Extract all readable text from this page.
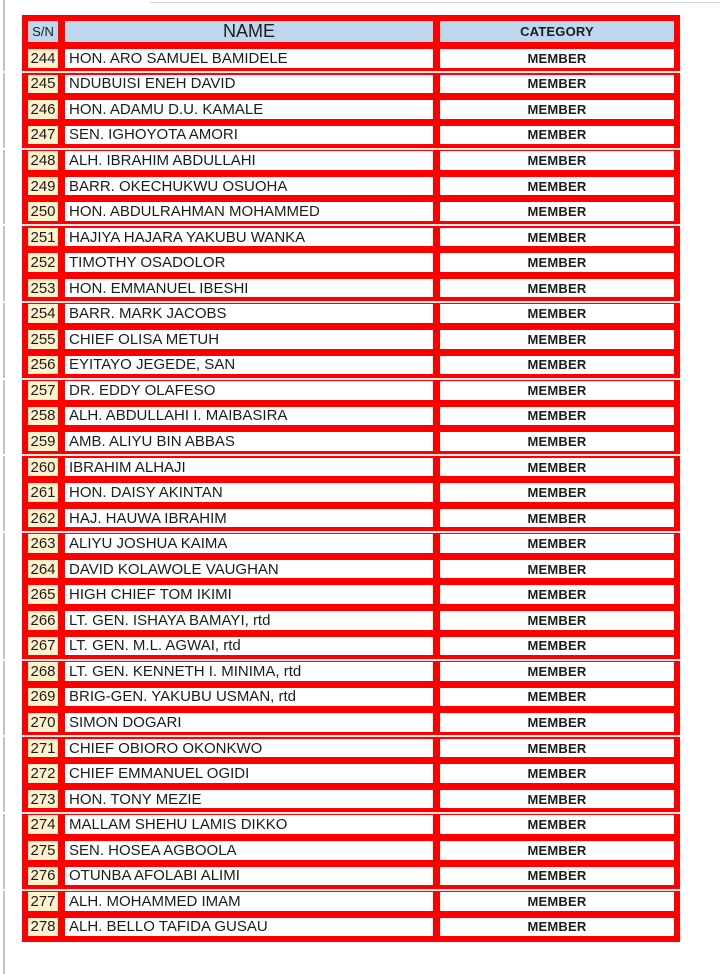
S/N	NAME	CATEGORY
244 HON. ARO SAMUEL BAMIDELE	MEMBER
245 NDUBUISI ENEH DAVID	MEMBER
246 HON. ADAMU D.U. KAMALE	MEMBER
247 SEN. IGHOYOTA AMORI	MEMBER
248 ALH. IBRAHIM ABDULLAHI	MEMBER
249 BARR. OKECHUKWU OSUOHA	MEMBER
250 HON. ABDULRAHMAN MOHAMMED	MEMBER
251 HAJIYA HAJARA YAKUBU WANKA	MEMBER
252 TIMOTHY OSADOLOR	MEMBER
253 HON. EMMANUEL IBESHI	MEMBER
254 BARR. MARK JACOBS	MEMBER
255 CHIEF OLISA METUH	MEMBER
256 EYITAYO JEGEDE, SAN	MEMBER
257 DR. EDDY OLAFESO	MEMBER
258 ALH. ABDULLAHI I. MAIBASIRA	MEMBER
259 AMB. ALIYU BIN ABBAS	MEMBER
260 IBRAHIM ALHAJI	MEMBER
261 HON. DAISY AKINTAN	MEMBER
262 HAJ. HAUWA IBRAHIM	MEMBER
263 ALIYU JOSHUA KAIMA	MEMBER
264 DAVID KOLAWOLE VAUGHAN	MEMBER
265 HIGH CHIEF TOM IKIMI	MEMBER
266 LT. GEN. ISHAYA BAMAYI, rtd	MEMBER
267 LT. GEN. M.L. AGWAI, rtd	MEMBER
268 LT. GEN. KENNETH I. MINIMA, rtd	MEMBER
269 BRIG-GEN. YAKUBU USMAN, rtd	MEMBER
270 SIMON DOGARI	MEMBER
271 CHIEF OBIORO OKONKWO	MEMBER
272 CHIEF EMMANUEL OGIDI	MEMBER
273 HON. TONY MEZIE	MEMBER
274 MALLAM SHEHU LAMIS DIKKO	MEMBER
275 SEN. HOSEA AGBOOLA	MEMBER
276 OTUNBA AFOLABI ALIMI	MEMBER
277 ALH. MOHAMMED IMAM	MEMBER
278 ALH. BELLO TAFIDA GUSAU	MEMBER
